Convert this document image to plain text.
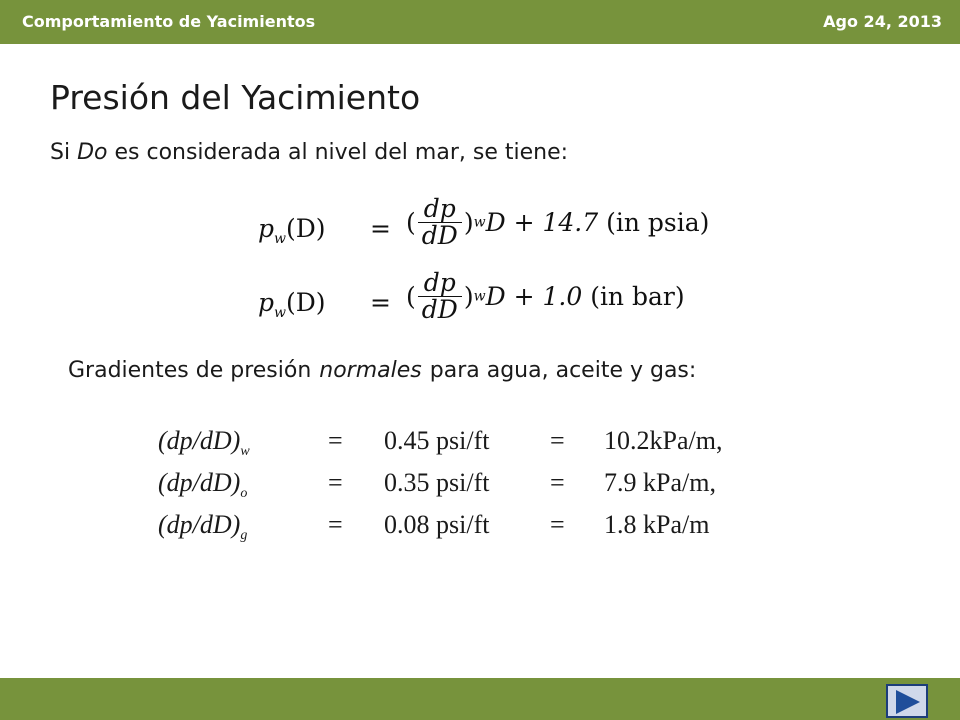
Comportamiento de Yacimientos	Ago 24, 2013
Presión del Yacimiento
Si Do es considerada al nivel del mar, se tiene:
$p_w(D)$ = ( $\frac{dp}{dD} )wD + 14.7$ (in psia)
$p_w(D)$ = ( $\frac{dp}{dD} )wD + 1.0$ (in bar)
Gradientes de presión normales para agua, aceite y gas:
$(dp/dD)_w$	= 0.45 psi/ft = 10.2kPa/m,
$(dp/dD)_o$	= 0.35 psi/ft = 7.9 kPa/m,
$(dp/dD)_g$	= 0.08 psi/ft = 1.8 kPa/m
